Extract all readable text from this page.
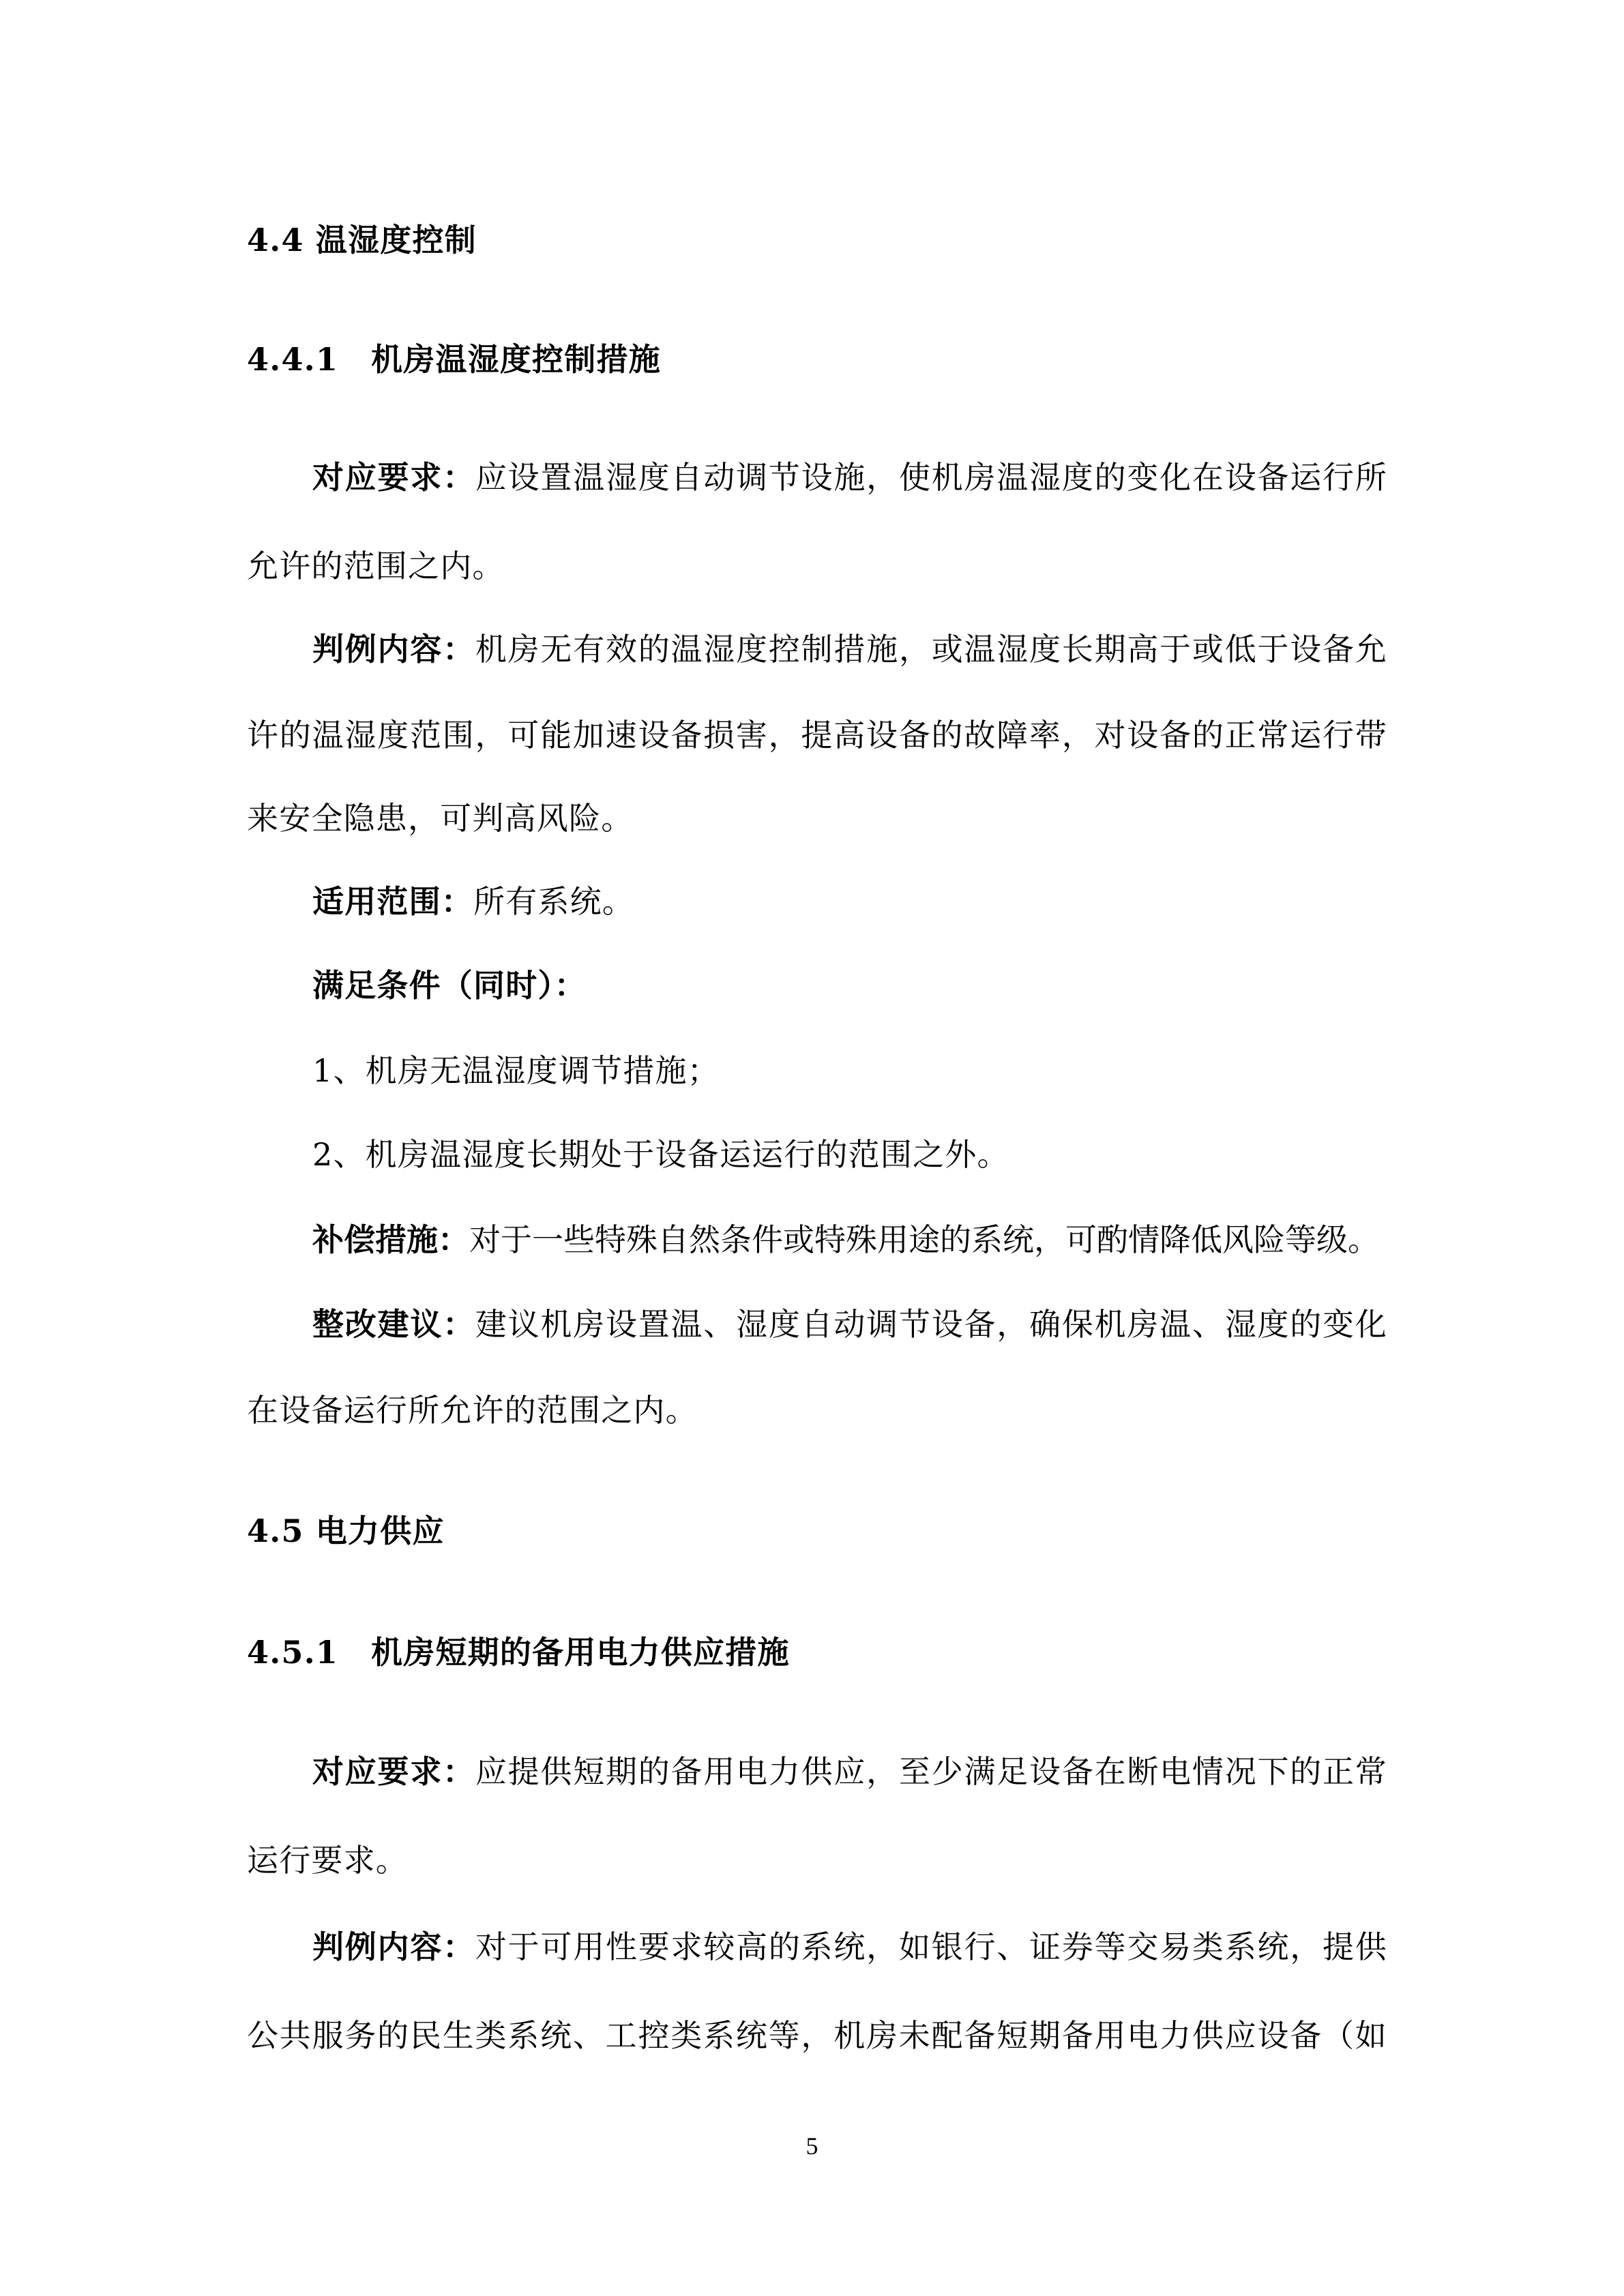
4.4 温湿度控制
4.4.1 机房温湿度控制措施
对应要求：应设置温湿度自动调节设施，使机房温湿度的变化在设备运行所
允许的范围之内。
判例内容：机房无有效的温湿度控制措施，或温湿度长期高于或低于设备允
许的温湿度范围，可能加速设备损害，提高设备的故障率，对设备的正常运行带
来安全隐患，可判高风险。
适用范围：所有系统。
满足条件（同时）：
1、机房无温湿度调节措施；
2、机房温湿度长期处于设备运运行的范围之外。
补偿措施：对于一些特殊自然条件或特殊用途的系统，可酌情降低风险等级。
整改建议：建议机房设置温、湿度自动调节设备，确保机房温、湿度的变化
在设备运行所允许的范围之内。
4.5 电力供应
4.5.1 机房短期的备用电力供应措施
对应要求：应提供短期的备用电力供应，至少满足设备在断电情况下的正常
运行要求。
判例内容：对于可用性要求较高的系统，如银行、证券等交易类系统，提供
公共服务的民生类系统、工控类系统等，机房未配备短期备用电力供应设备（如
5
